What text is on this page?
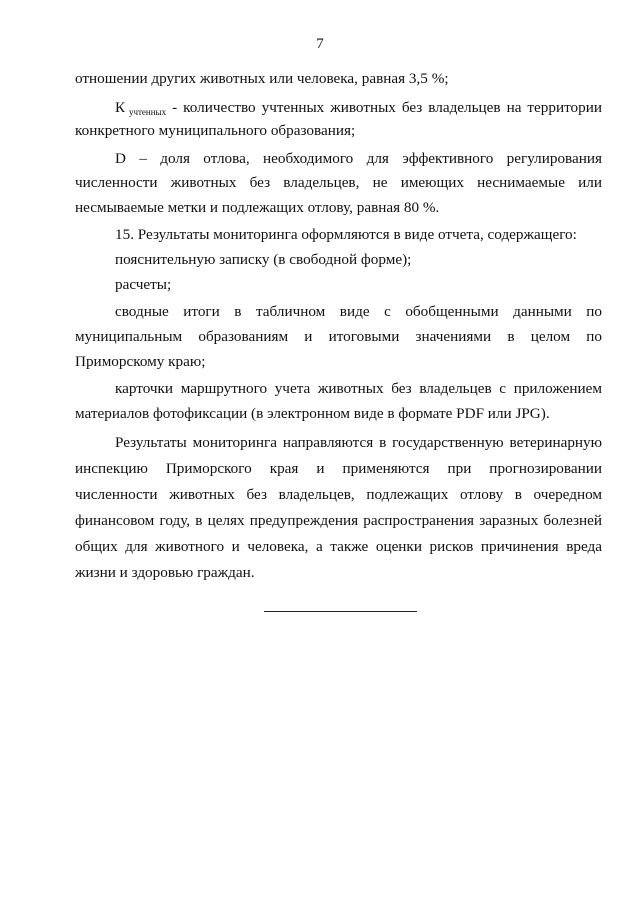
7
отношении других животных или человека, равная 3,5 %;
К $_{учтенных}$ - количество учтенных животных без владельцев на территории
конкретного муниципального образования;
D – доля отлова, необходимого для эффективного регулирования
численности животных без владельцев, не имеющих неснимаемые или
несмываемые метки и подлежащих отлову, равная 80 %.
15. Результаты мониторинга оформляются в виде отчета, содержащего:
пояснительную записку (в свободной форме);
расчеты;
сводные итоги в табличном виде с обобщенными данными по
муниципальным образованиям и итоговыми значениями в целом по
Приморскому краю;
карточки маршрутного учета животных без владельцев с приложением
материалов фотофиксации (в электронном виде в формате PDF или JPG).
Результаты мониторинга направляются в государственную ветеринарную
инспекцию Приморского края и применяются при прогнозировании
численности животных без владельцев, подлежащих отлову в очередном
финансовом году, в целях предупреждения распространения заразных болезней
общих для животного и человека, а также оценки рисков причинения вреда
жизни и здоровью граждан.
